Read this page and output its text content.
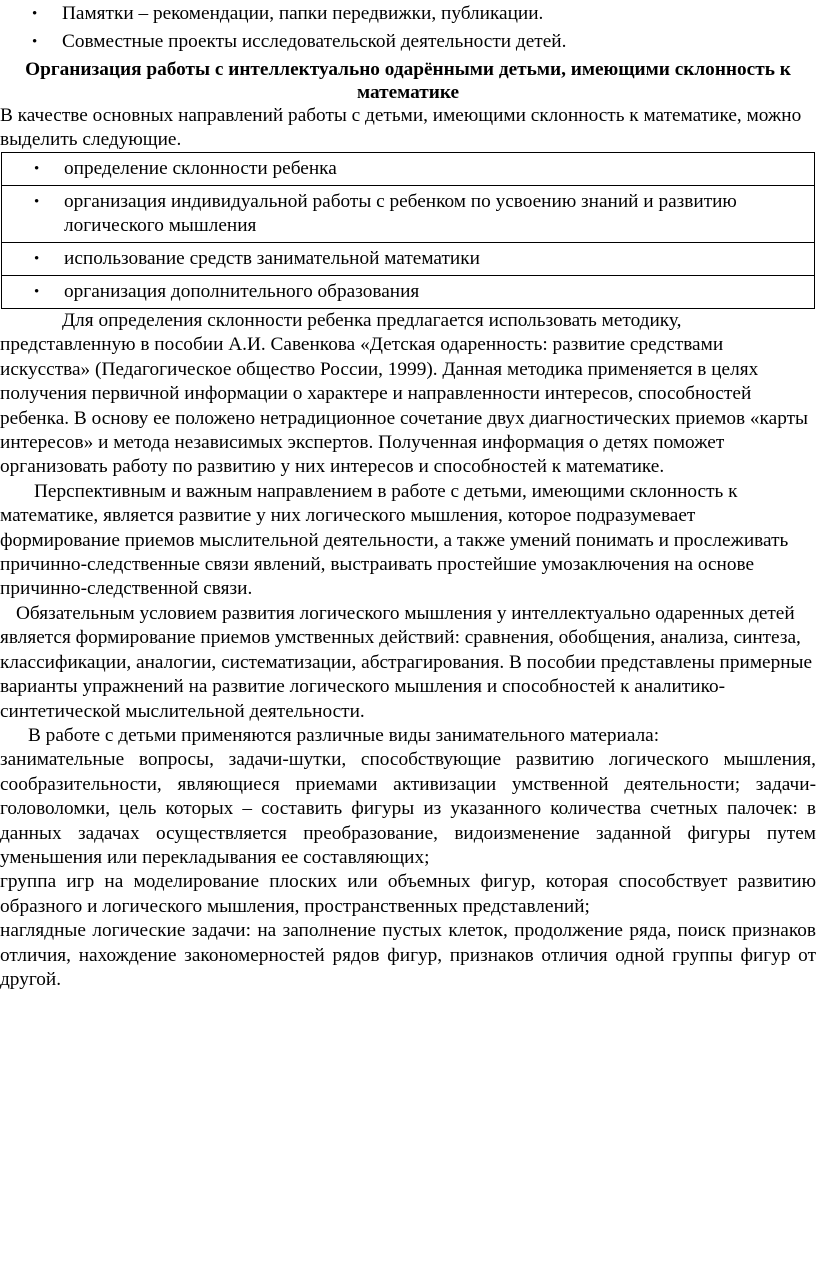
• Памятки – рекомендации, папки передвижки, публикации.
• Совместные проекты исследовательской деятельности детей.
Организация работы с интеллектуально одарёнными детьми, имеющими склонность к математике

В качестве основных направлений работы с детьми, имеющими склонность к математике, можно выделить следующие.

• определение склонности ребенка

• организация индивидуальной работы с ребенком по усвоению знаний и развитию логического мышления

• использование средств занимательной математики

• организация дополнительного образования

Для определения склонности ребенка предлагается использовать методику, представленную в пособии А.И. Савенкова «Детская одаренность: развитие средствами искусства» (Педагогическое общество России, 1999). Данная методика применяется в целях получения первичной информации о характере и направленности интересов, способностей ребенка. В основу ее положено нетрадиционное сочетание двух диагностических приемов «карты интересов» и метода независимых экспертов. Полученная информация о детях поможет организовать работу по развитию у них интересов и способностей к математике.

Перспективным и важным направлением в работе с детьми, имеющими склонность к математике, является развитие у них логического мышления, которое подразумевает формирование приемов мыслительной деятельности, а также умений понимать и прослеживать причинно-следственные связи явлений, выстраивать простейшие умозаключения на основе причинно-следственной связи.

Обязательным условием развития логического мышления у интеллектуально одаренных детей является формирование приемов умственных действий: сравнения, обобщения, анализа, синтеза, классификации, аналогии, систематизации, абстрагирования. В пособии представлены примерные варианты упражнений на развитие логического мышления и способностей к аналитико-синтетической мыслительной деятельности.

В работе с детьми применяются различные виды занимательного материала:

занимательные вопросы, задачи-шутки, способствующие развитию логического мышления, сообразительности, являющиеся приемами активизации умственной деятельности; задачи-головоломки, цель которых – составить фигуры из указанного количества счетных палочек: в данных задачах осуществляется преобразование, видоизменение заданной фигуры путем уменьшения или перекладывания ее составляющих;

группа игр на моделирование плоских или объемных фигур, которая способствует развитию образного и логического мышления, пространственных представлений;

наглядные логические задачи: на заполнение пустых клеток, продолжение ряда, поиск признаков отличия, нахождение закономерностей рядов фигур, признаков отличия одной группы фигур от другой.
